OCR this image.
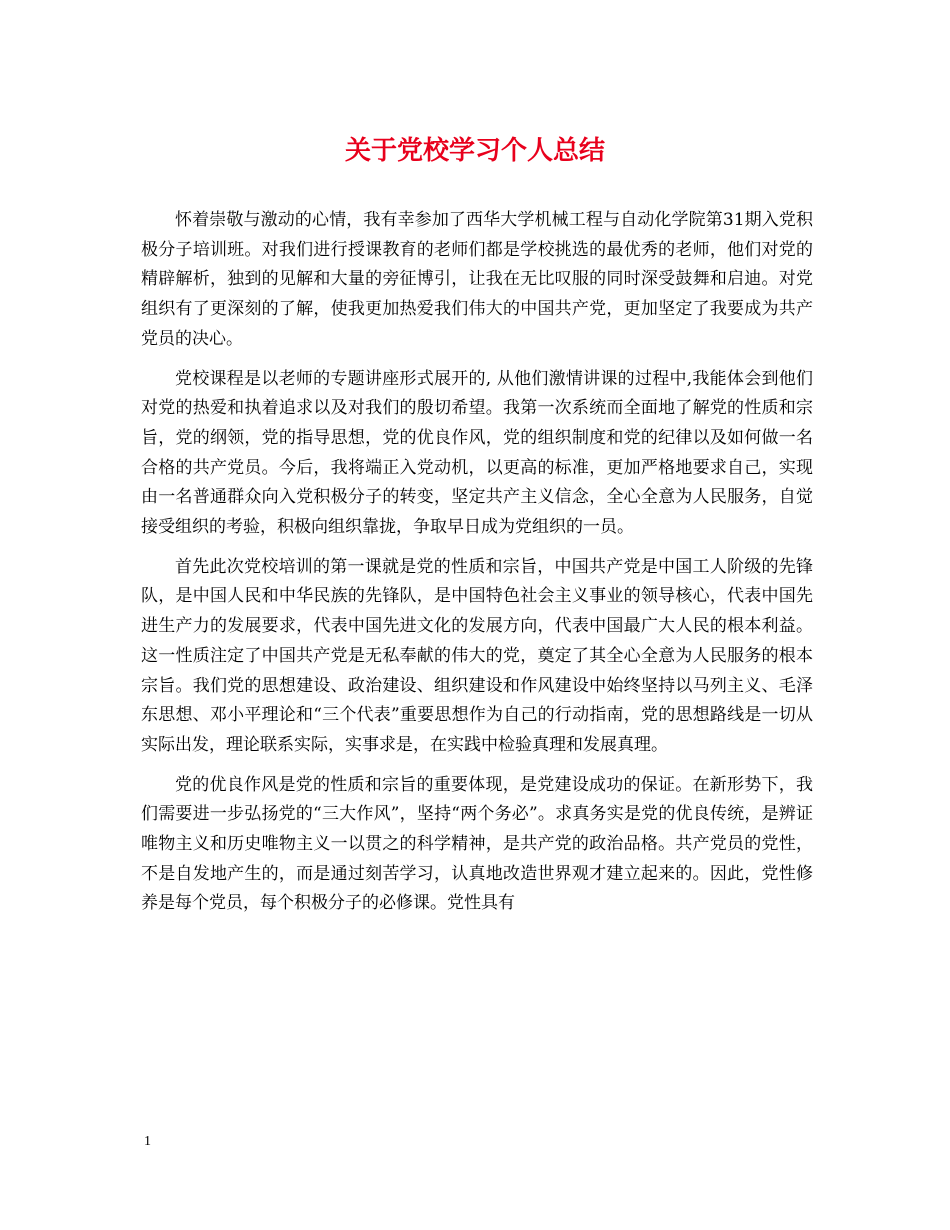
关于党校学习个人总结

怀着崇敬与激动的心情，我有幸参加了西华大学机械工程与自动化学院第31期入党积极分子培训班。对我们进行授课教育的老师们都是学校挑选的最优秀的老师，他们对党的精辟解析，独到的见解和大量的旁征博引，让我在无比叹服的同时深受鼓舞和启迪。对党组织有了更深刻的了解，使我更加热爱我们伟大的中国共产党，更加坚定了我要成为共产党员的决心。

党校课程是以老师的专题讲座形式展开的, 从他们激情讲课的过程中,我能体会到他们对党的热爱和执着追求以及对我们的殷切希望。我第一次系统而全面地了解党的性质和宗旨，党的纲领，党的指导思想，党的优良作风，党的组织制度和党的纪律以及如何做一名合格的共产党员。今后，我将端正入党动机，以更高的标准，更加严格地要求自己，实现由一名普通群众向入党积极分子的转变，坚定共产主义信念，全心全意为人民服务，自觉接受组织的考验，积极向组织靠拢，争取早日成为党组织的一员。

首先此次党校培训的第一课就是党的性质和宗旨，中国共产党是中国工人阶级的先锋队，是中国人民和中华民族的先锋队，是中国特色社会主义事业的领导核心，代表中国先进生产力的发展要求，代表中国先进文化的发展方向，代表中国最广大人民的根本利益。这一性质注定了中国共产党是无私奉献的伟大的党，奠定了其全心全意为人民服务的根本宗旨。我们党的思想建设、政治建设、组织建设和作风建设中始终坚持以马列主义、毛泽东思想、邓小平理论和“三个代表”重要思想作为自己的行动指南，党的思想路线是一切从实际出发，理论联系实际，实事求是，在实践中检验真理和发展真理。

党的优良作风是党的性质和宗旨的重要体现，是党建设成功的保证。在新形势下，我们需要进一步弘扬党的“三大作风”，坚持“两个务必”。求真务实是党的优良传统，是辨证唯物主义和历史唯物主义一以贯之的科学精神，是共产党的政治品格。共产党员的党性，不是自发地产生的，而是通过刻苦学习，认真地改造世界观才建立起来的。因此，党性修养是每个党员，每个积极分子的必修课。党性具有

1
